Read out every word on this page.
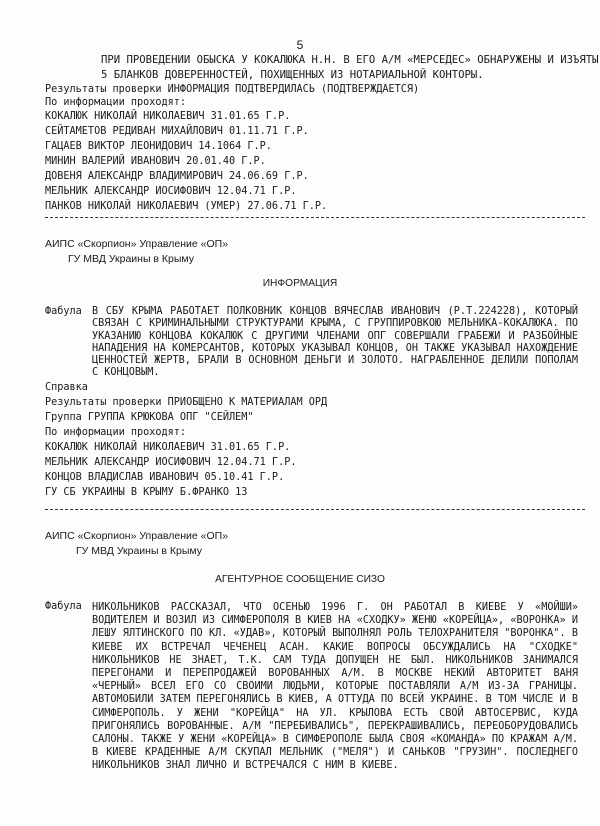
5
ПРИ ПРОВЕДЕНИИ ОБЫСКА У КОКАЛЮКА Н.Н. В ЕГО А/М «МЕРСЕДЕС» ОБНАРУЖЕНЫ И ИЗЪЯТЫ
5 БЛАНКОВ ДОВЕРЕННОСТЕЙ, ПОХИЩЕННЫХ ИЗ НОТАРИАЛЬНОЙ КОНТОРЫ.
Результаты проверки ИНФОРМАЦИЯ ПОДТВЕРДИЛАСЬ (ПОДТВЕРЖДАЕТСЯ)
По информации проходят:
КОКАЛЮК НИКОЛАЙ НИКОЛАЕВИЧ 31.01.65 Г.Р.
СЕЙТАМЕТОВ РЕДИВАН МИХАЙЛОВИЧ 01.11.71 Г.Р.
ГАЦАЕВ ВИКТОР ЛЕОНИДОВИЧ 14.1064 Г.Р.
МИНИН ВАЛЕРИЙ ИВАНОВИЧ 20.01.40 Г.Р.
ДОВЕНЯ АЛЕКСАНДР ВЛАДИМИРОВИЧ 24.06.69 Г.Р.
МЕЛЬНИК АЛЕКСАНДР ИОСИФОВИЧ 12.04.71 Г.Р.
ПАНКОВ НИКОЛАЙ НИКОЛАЕВИЧ (УМЕР) 27.06.71 Г.Р.
АИПС «Скорпион» Управление «ОП»
ГУ МВД Украины в Крыму
ИНФОРМАЦИЯ
Фабула В СБУ КРЫМА РАБОТАЕТ ПОЛКОВНИК КОНЦОВ ВЯЧЕСЛАВ ИВАНОВИЧ (Р.Т.224228), КОТОРЫЙ СВЯЗАН С КРИМИНАЛЬНЫМИ СТРУКТУРАМИ КРЫМА, С ГРУППИРОВКОЮ МЕЛЬНИКА-КОКАЛЮКА. ПО УКАЗАНИЮ КОНЦОВА КОКАЛЮК С ДРУГИМИ ЧЛЕНАМИ ОПГ СОВЕРШАЛИ ГРАБЕЖИ И РАЗБОЙНЫЕ НАПАДЕНИЯ НА КОМЕРСАНТОВ, КОТОРЫХ УКАЗЫВАЛ КОНЦОВ, ОН ТАКЖЕ УКАЗЫВАЛ НАХОЖДЕНИЕ ЦЕННОСТЕЙ ЖЕРТВ, БРАЛИ В ОСНОВНОМ ДЕНЬГИ И ЗОЛОТО. НАГРАБЛЕННОЕ ДЕЛИЛИ ПОПОЛАМ С КОНЦОВЫМ.
Справка
Результаты проверки ПРИОБЩЕНО К МАТЕРИАЛАМ ОРД
Группа ГРУППА КРЮКОВА ОПГ "СЕЙЛЕМ"
По информации проходят:
КОКАЛЮК НИКОЛАЙ НИКОЛАЕВИЧ 31.01.65 Г.Р.
МЕЛЬНИК АЛЕКСАНДР ИОСИФОВИЧ 12.04.71 Г.Р.
КОНЦОВ ВЛАДИСЛАВ ИВАНОВИЧ 05.10.41 Г.Р.
ГУ СБ УКРАИНЫ В КРЫМУ Б.ФРАНКО 13
АИПС «Скорпион» Управление «ОП»
ГУ МВД Украины в Крыму
АГЕНТУРНОЕ СООБЩЕНИЕ СИЗО
Фабула НИКОЛЬНИКОВ РАССКАЗАЛ, ЧТО ОСЕНЬЮ 1996 Г. ОН РАБОТАЛ В КИЕВЕ У «МОЙШИ» ВОДИТЕЛЕМ И ВОЗИЛ ИЗ СИМФЕРОПОЛЯ В КИЕВ НА «СХОДКУ» ЖЕНЮ «КОРЕЙЦА», «ВОРОНКА» И ЛЕШУ ЯЛТИНСКОГО ПО КЛ. «УДАВ», КОТОРЫЙ ВЫПОЛНЯЛ РОЛЬ ТЕЛОХРАНИТЕЛЯ "ВОРОНКА". В КИЕВЕ ИХ ВСТРЕЧАЛ ЧЕЧЕНЕЦ АСАН. КАКИЕ ВОПРОСЫ ОБСУЖДАЛИСЬ НА "СХОДКЕ" НИКОЛЬНИКОВ НЕ ЗНАЕТ, Т.К. САМ ТУДА ДОПУЩЕН НЕ БЫЛ. НИКОЛЬНИКОВ ЗАНИМАЛСЯ ПЕРЕГОНАМИ И ПЕРЕПРОДАЖЕЙ ВОРОВАННЫХ А/М. В МОСКВЕ НЕКИЙ АВТОРИТЕТ ВАНЯ «ЧЕРНЫЙ» ВСЕЛ ЕГО СО СВОИМИ ЛЮДЬМИ, КОТОРЫЕ ПОСТАВЛЯЛИ А/М ИЗ-ЗА ГРАНИЦЫ. АВТОМОБИЛИ ЗАТЕМ ПЕРЕГОНЯЛИСЬ В КИЕВ, А ОТТУДА ПО ВСЕЙ УКРАИНЕ. В ТОМ ЧИСЛЕ И В СИМФЕРОПОЛЬ. У ЖЕНИ "КОРЕЙЦА" НА УЛ. КРЫЛОВА ЕСТЬ СВОЙ АВТОСЕРВИС, КУДА ПРИГОНЯЛИСЬ ВОРОВАННЫЕ. А/М "ПЕРЕБИВАЛИСЬ", ПЕРЕКРАШИВАЛИСЬ, ПЕРЕОБОРУДОВАЛИСЬ САЛОНЫ. ТАКЖЕ У ЖЕНИ «КОРЕЙЦА» В СИМФЕРОПОЛЕ БЫЛА СВОЯ «КОМАНДА» ПО КРАЖАМ А/М. В КИЕВЕ КРАДЕННЫЕ А/М СКУПАЛ МЕЛЬНИК ("МЕЛЯ") И САНЬКОВ "ГРУЗИН". ПОСЛЕДНЕГО НИКОЛЬНИКОВ ЗНАЛ ЛИЧНО И ВСТРЕЧАЛСЯ С НИМ В КИЕВЕ.
